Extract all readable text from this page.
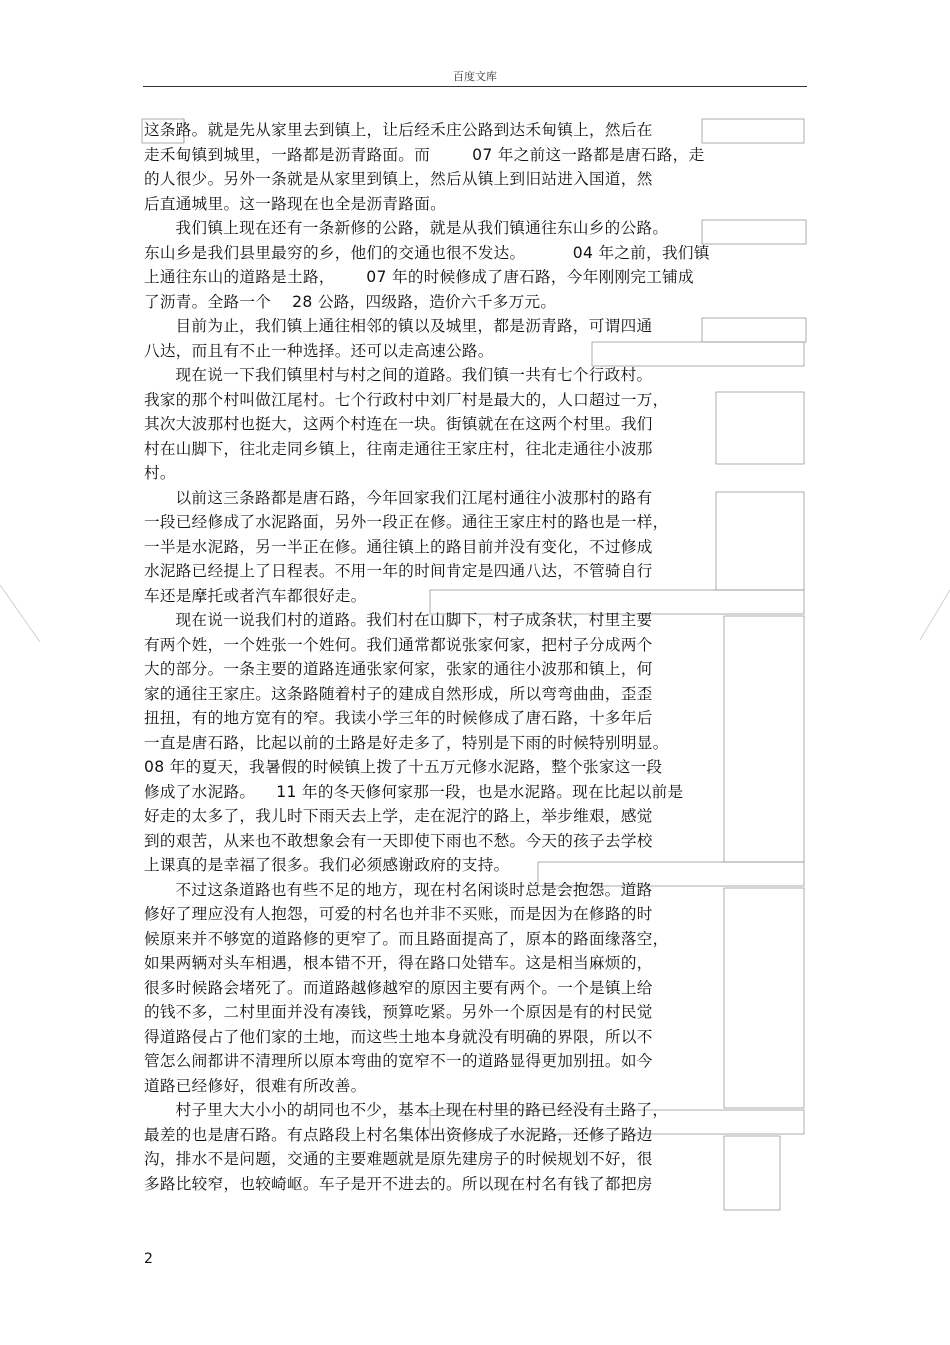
百度文库

这条路。就是先从家里去到镇上，让后经禾庄公路到达禾甸镇上，然后在

走禾甸镇到城里，一路都是沥青路面。而        07 年之前这一路都是唐石路，走

的人很少。另外一条就是从家里到镇上，然后从镇上到旧站进入国道，然

后直通城里。这一路现在也全是沥青路面。

我们镇上现在还有一条新修的公路，就是从我们镇通往东山乡的公路。

东山乡是我们县里最穷的乡，他们的交通也很不发达。         04 年之前，我们镇

上通往东山的道路是土路，      07 年的时候修成了唐石路，今年刚刚完工铺成

了沥青。全路一个    28 公路，四级路，造价六千多万元。

目前为止，我们镇上通往相邻的镇以及城里，都是沥青路，可谓四通

八达，而且有不止一种选择。还可以走高速公路。

现在说一下我们镇里村与村之间的道路。我们镇一共有七个行政村。

我家的那个村叫做江尾村。七个行政村中刘厂村是最大的，人口超过一万，

其次大波那村也挺大，这两个村连在一块。街镇就在在这两个村里。我们

村在山脚下，往北走同乡镇上，往南走通往王家庄村，往北走通往小波那

村。

以前这三条路都是唐石路，今年回家我们江尾村通往小波那村的路有

一段已经修成了水泥路面，另外一段正在修。通往王家庄村的路也是一样，

一半是水泥路，另一半正在修。通往镇上的路目前并没有变化，不过修成

水泥路已经提上了日程表。不用一年的时间肯定是四通八达，不管骑自行

车还是摩托或者汽车都很好走。

现在说一说我们村的道路。我们村在山脚下，村子成条状，村里主要

有两个姓，一个姓张一个姓何。我们通常都说张家何家，把村子分成两个

大的部分。一条主要的道路连通张家何家，张家的通往小波那和镇上，何

家的通往王家庄。这条路随着村子的建成自然形成，所以弯弯曲曲，歪歪

扭扭，有的地方宽有的窄。我读小学三年的时候修成了唐石路，十多年后

一直是唐石路，比起以前的土路是好走多了，特别是下雨的时候特别明显。

08 年的夏天，我暑假的时候镇上拨了十五万元修水泥路，整个张家这一段

修成了水泥路。    11 年的冬天修何家那一段，也是水泥路。现在比起以前是

好走的太多了，我儿时下雨天去上学，走在泥泞的路上，举步维艰，感觉

到的艰苦，从来也不敢想象会有一天即使下雨也不愁。今天的孩子去学校

上课真的是幸福了很多。我们必须感谢政府的支持。

不过这条道路也有些不足的地方，现在村名闲谈时总是会抱怨。道路

修好了理应没有人抱怨，可爱的村名也并非不买账，而是因为在修路的时

候原来并不够宽的道路修的更窄了。而且路面提高了，原本的路面缘落空，

如果两辆对头车相遇，根本错不开，得在路口处错车。这是相当麻烦的，

很多时候路会堵死了。而道路越修越窄的原因主要有两个。一个是镇上给

的钱不多，二村里面并没有凑钱，预算吃紧。另外一个原因是有的村民觉

得道路侵占了他们家的土地，而这些土地本身就没有明确的界限，所以不

管怎么闹都讲不清理所以原本弯曲的宽窄不一的道路显得更加别扭。如今

道路已经修好，很难有所改善。

村子里大大小小的胡同也不少，基本上现在村里的路已经没有土路了，

最差的也是唐石路。有点路段上村名集体出资修成了水泥路，还修了路边

沟，排水不是问题，交通的主要难题就是原先建房子的时候规划不好，很

多路比较窄，也较崎岖。车子是开不进去的。所以现在村名有钱了都把房

2
